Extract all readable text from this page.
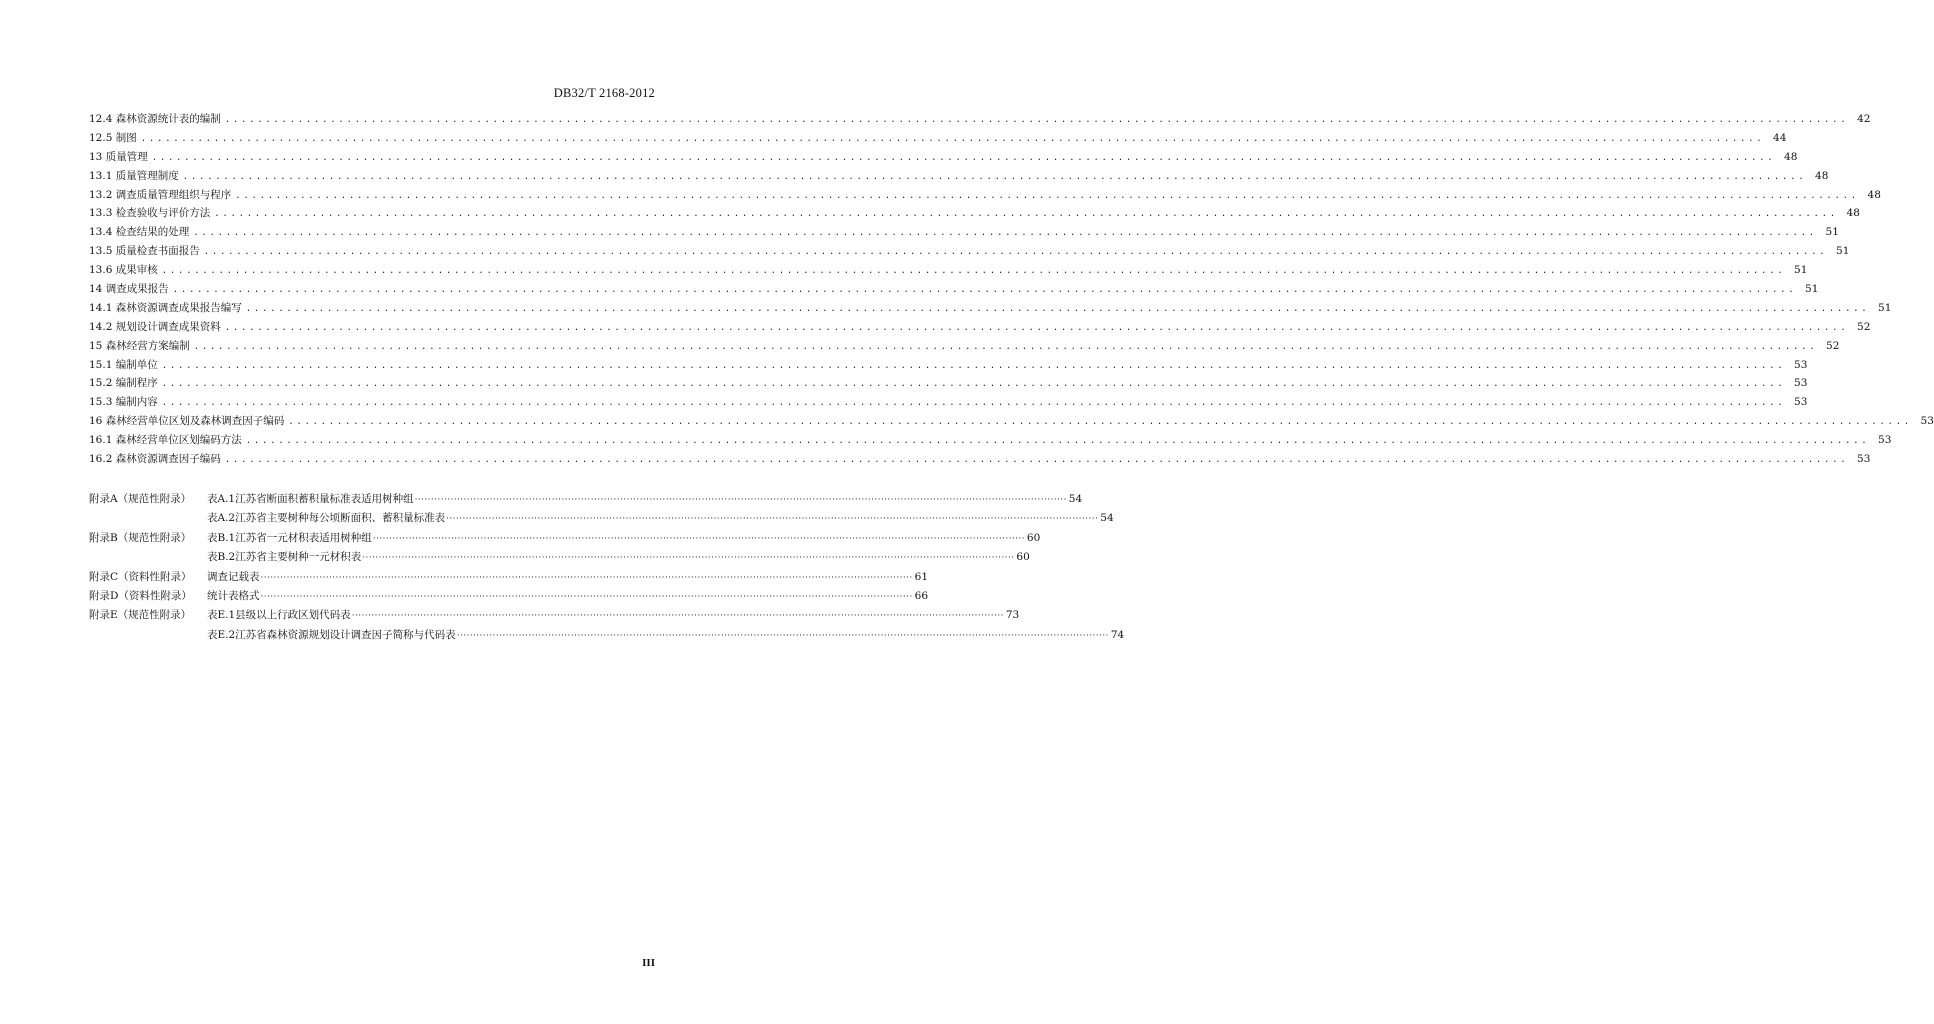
DB32/T 2168-2012
12.4 森林资源统计表的编制 ........................................................................................................................................................................................................ 42
12.5 制图 ........................................................................................................................................................................................................ 44
13 质量管理 ........................................................................................................................................................................................................ 48
13.1 质量管理制度 ........................................................................................................................................................................................................ 48
13.2 调查质量管理组织与程序 ........................................................................................................................................................................................................ 48
13.3 检查验收与评价方法 ........................................................................................................................................................................................................ 48
13.4 检查结果的处理 ........................................................................................................................................................................................................ 51
13.5 质量检查书面报告 ........................................................................................................................................................................................................ 51
13.6 成果审核 ........................................................................................................................................................................................................ 51
14 调查成果报告 ........................................................................................................................................................................................................ 51
14.1 森林资源调查成果报告编写 ........................................................................................................................................................................................................ 51
14.2 规划设计调查成果资料 ........................................................................................................................................................................................................ 52
15 森林经营方案编制 ........................................................................................................................................................................................................ 52
15.1 编制单位 ........................................................................................................................................................................................................ 53
15.2 编制程序 ........................................................................................................................................................................................................ 53
15.3 编制内容 ........................................................................................................................................................................................................ 53
16 森林经营单位区划及森林调查因子编码 ........................................................................................................................................................................................................ 53
16.1 森林经营单位区划编码方法 ........................................................................................................................................................................................................ 53
16.2 森林资源调查因子编码 ........................................................................................................................................................................................................ 53
附录A（规范性附录）	表A.1江苏省断面积蓄积量标准表适用树种组 ········································································································································································································ 54
表A.2江苏省主要树种每公顷断面积、蓄积量标准表 ········································································································································································································ 54
附录B（规范性附录）	表B.1江苏省一元材积表适用树种组 ········································································································································································································ 60
表B.2江苏省主要树种一元材积表 ········································································································································································································ 60
附录C（资料性附录）	调查记载表 ········································································································································································································ 61
附录D（资料性附录）	统计表格式 ········································································································································································································ 66
附录E（规范性附录）	表E.1县级以上行政区划代码表 ········································································································································································································ 73
表E.2江苏省森林资源规划设计调查因子简称与代码表 ········································································································································································································ 74
III
